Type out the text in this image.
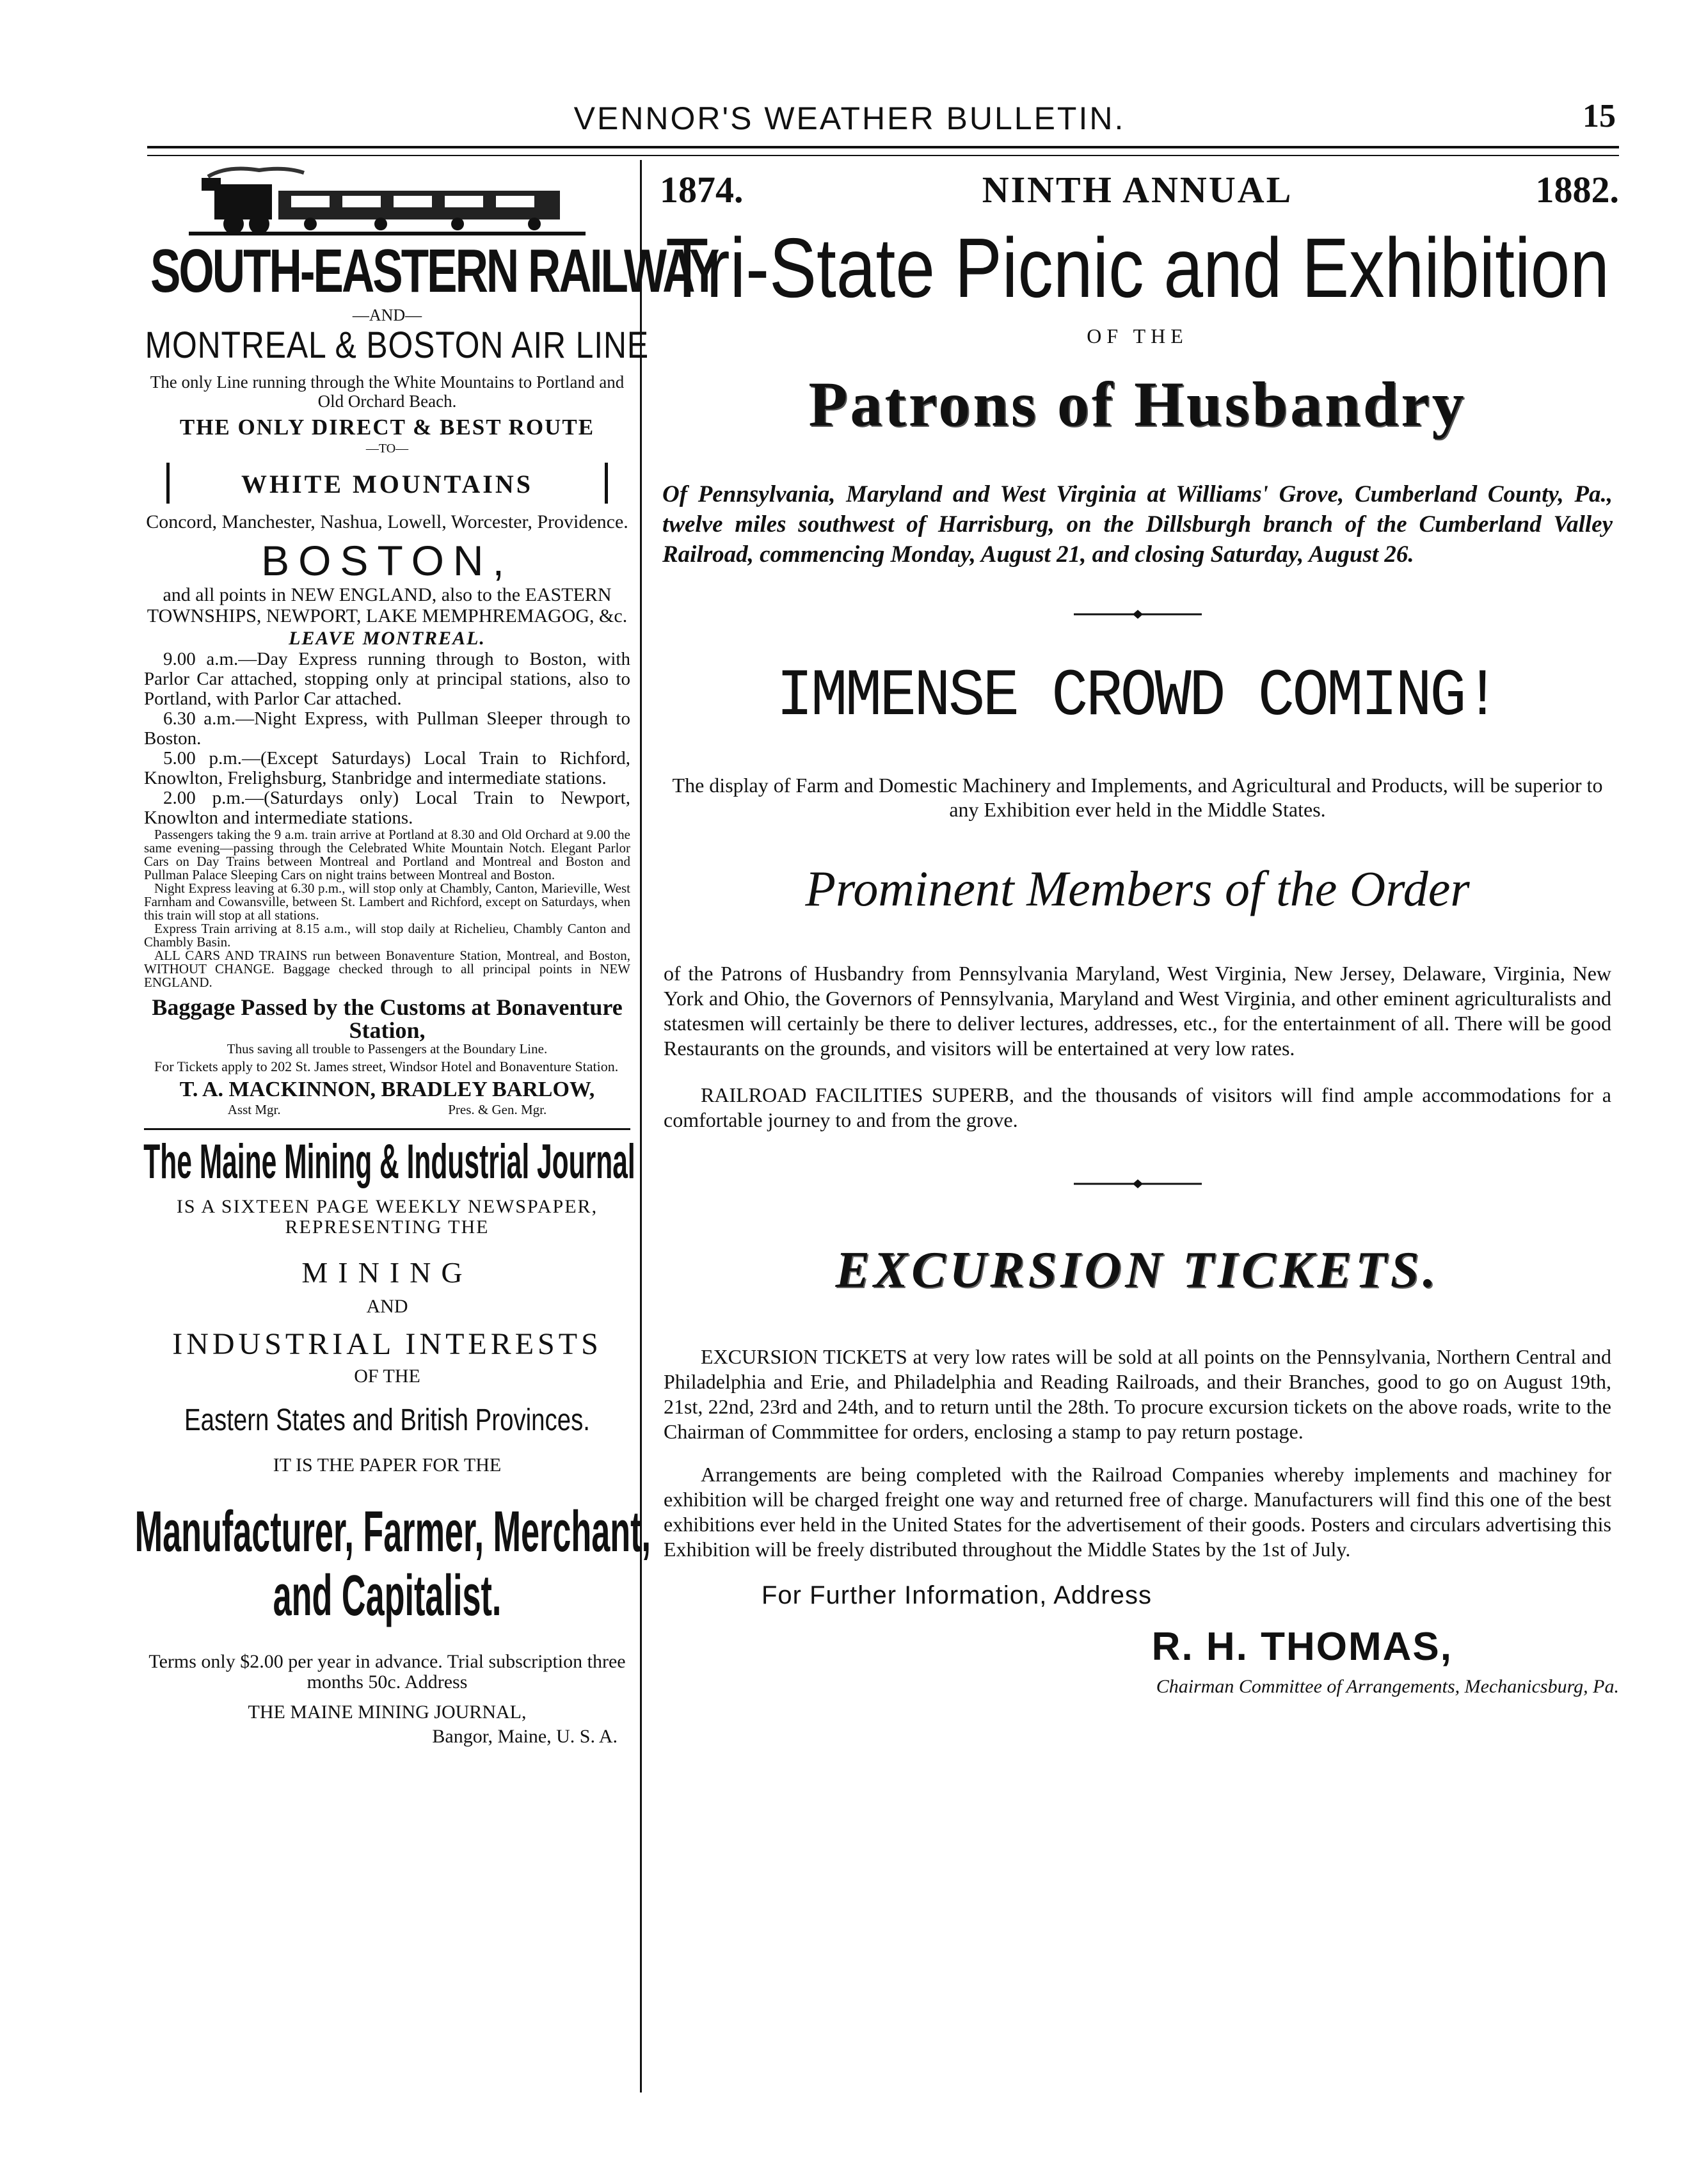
VENNOR'S WEATHER BULLETIN.	15
SOUTH-EASTERN RAILWAY
—AND—
MONTREAL & BOSTON AIR LINE
The only Line running through the White Mountains to Portland and Old Orchard Beach.
THE ONLY DIRECT & BEST ROUTE
—TO—
WHITE MOUNTAINS
Concord, Manchester, Nashua, Lowell, Worcester, Providence.
BOSTON,
and all points in NEW ENGLAND, also to the EASTERN TOWNSHIPS, NEWPORT, LAKE MEMPHREMAGOG, &c.
LEAVE MONTREAL.

9.00 a.m.—Day Express running through to Boston, with Parlor Car attached, stopping only at principal stations, also to Portland, with Parlor Car attached.

6.30 a.m.—Night Express, with Pullman Sleeper through to Boston.

5.00 p.m.—(Except Saturdays) Local Train to Richford, Knowlton, Frelighsburg, Stanbridge and intermediate stations.

2.00 p.m.—(Saturdays only) Local Train to Newport, Knowlton and intermediate stations.

Passengers taking the 9 a.m. train arrive at Portland at 8.30 and Old Orchard at 9.00 the same evening—passing through the Celebrated White Mountain Notch. Elegant Parlor Cars on Day Trains between Montreal and Portland and Montreal and Boston and Pullman Palace Sleeping Cars on night trains between Montreal and Boston.

Night Express leaving at 6.30 p.m., will stop only at Chambly, Canton, Marieville, West Farnham and Cowansville, between St. Lambert and Richford, except on Saturdays, when this train will stop at all stations.

Express Train arriving at 8.15 a.m., will stop daily at Richelieu, Chambly Canton and Chambly Basin.

ALL CARS AND TRAINS run between Bonaventure Station, Montreal, and Boston, WITHOUT CHANGE. Baggage checked through to all principal points in NEW ENGLAND.

Baggage Passed by the Customs at Bonaventure Station,
Thus saving all trouble to Passengers at the Boundary Line.
For Tickets apply to 202 St. James street, Windsor Hotel and Bonaventure Station.
T. A. MACKINNON, BRADLEY BARLOW,
Asst Mgr.	Pres. & Gen. Mgr.
The Maine Mining & Industrial Journal
IS A SIXTEEN PAGE WEEKLY NEWSPAPER, REPRESENTING THE
MINING
AND
INDUSTRIAL INTERESTS
OF THE
Eastern States and British Provinces.
IT IS THE PAPER FOR THE
Manufacturer, Farmer, Merchant,
and Capitalist.
Terms only $2.00 per year in advance. Trial subscription three months 50c. Address
THE MAINE MINING JOURNAL,
Bangor, Maine, U. S. A.
1874.	NINTH ANNUAL	1882.
Tri-State Picnic and Exhibition
OF THE
Patrons of Husbandry
Of Pennsylvania, Maryland and West Virginia at Williams' Grove, Cumberland County, Pa., twelve miles southwest of Harrisburg, on the Dillsburgh branch of the Cumberland Valley Railroad, commencing Monday, August 21, and closing Saturday, August 26.
IMMENSE CROWD COMING!
The display of Farm and Domestic Machinery and Implements, and Agricultural and Products, will be superior to any Exhibition ever held in the Middle States.
Prominent Members of the Order

of the Patrons of Husbandry from Pennsylvania Maryland, West Virginia, New Jersey, Delaware, Virginia, New York and Ohio, the Governors of Pennsylvania, Maryland and West Virginia, and other eminent agriculturalists and statesmen will certainly be there to deliver lectures, addresses, etc., for the entertainment of all. There will be good Restaurants on the grounds, and visitors will be entertained at very low rates.

RAILROAD FACILITIES SUPERB, and the thousands of visitors will find ample accommodations for a comfortable journey to and from the grove.

EXCURSION TICKETS.

EXCURSION TICKETS at very low rates will be sold at all points on the Pennsylvania, Northern Central and Philadelphia and Erie, and Philadelphia and Reading Railroads, and their Branches, good to go on August 19th, 21st, 22nd, 23rd and 24th, and to return until the 28th. To procure excursion tickets on the above roads, write to the Chairman of Commmittee for orders, enclosing a stamp to pay return postage.

Arrangements are being completed with the Railroad Companies whereby implements and machiney for exhibition will be charged freight one way and returned free of charge. Manufacturers will find this one of the best exhibitions ever held in the United States for the advertisement of their goods. Posters and circulars advertising this Exhibition will be freely distributed throughout the Middle States by the 1st of July.

For Further Information, Address
R. H. THOMAS,
Chairman Committee of Arrangements, Mechanicsburg, Pa.
